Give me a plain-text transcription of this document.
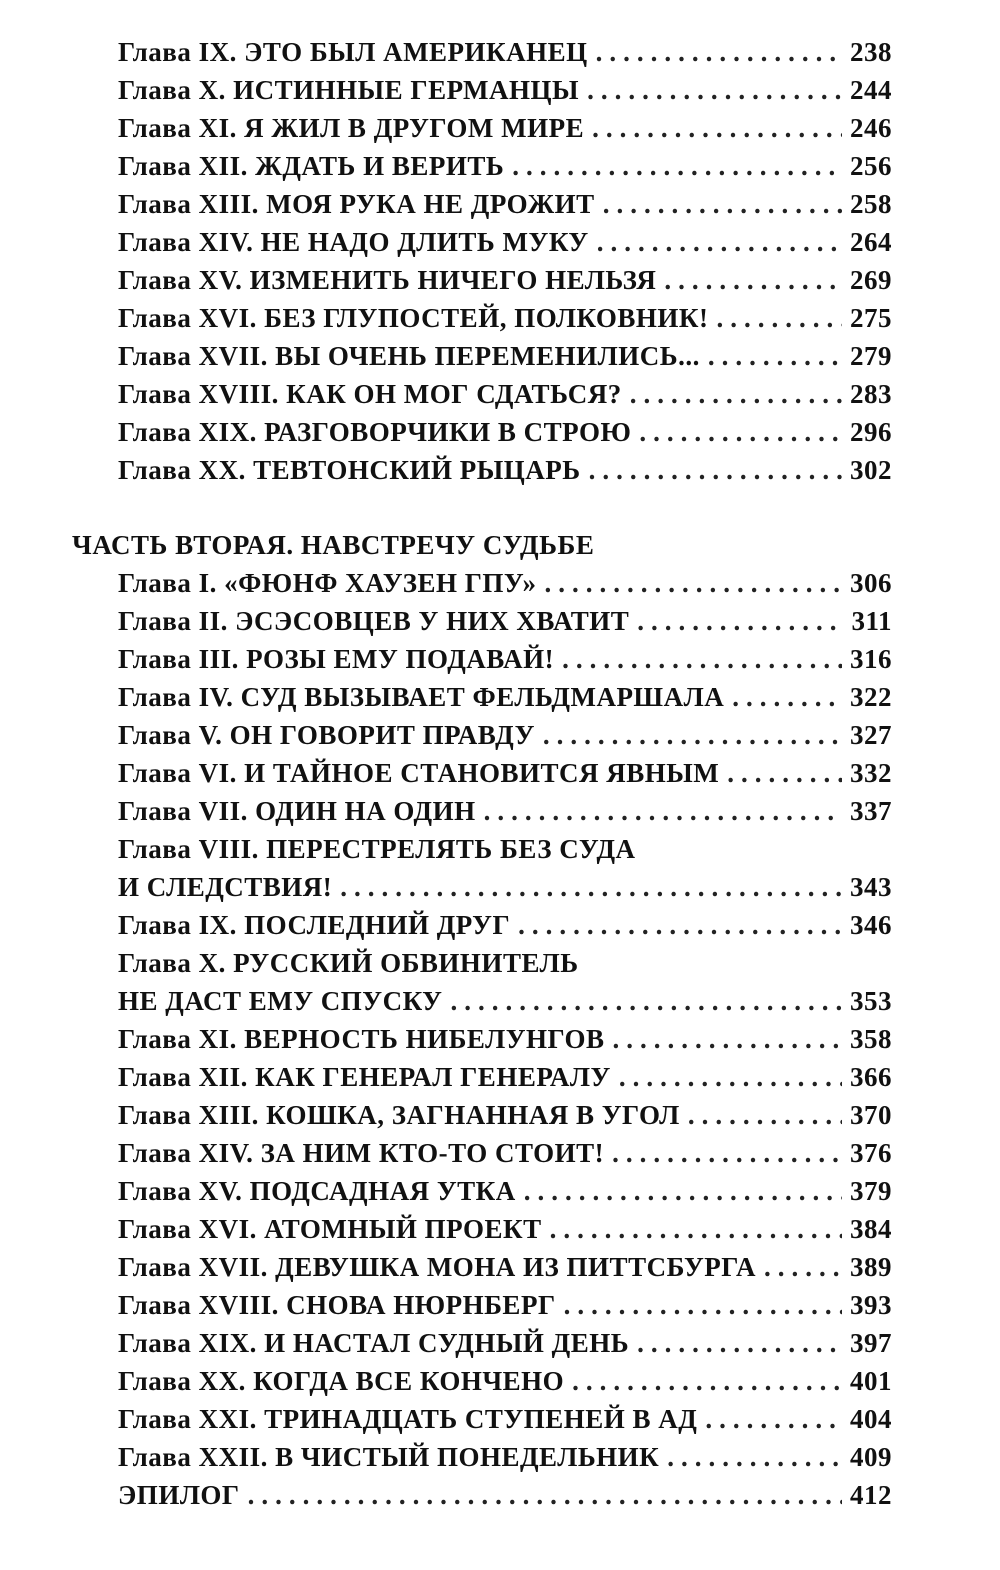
Глава IX. ЭТО БЫЛ АМЕРИКАНЕЦ .....	238
Глава X. ИСТИННЫЕ ГЕРМАНЦЫ .....	244
Глава XI. Я ЖИЛ В ДРУГОМ МИРЕ .....	246
Глава XII. ЖДАТЬ И ВЕРИТЬ .....	256
Глава XIII. МОЯ РУКА НЕ ДРОЖИТ .....	258
Глава XIV. НЕ НАДО ДЛИТЬ МУКУ .....	264
Глава XV. ИЗМЕНИТЬ НИЧЕГО НЕЛЬЗЯ .....	269
Глава XVI. БЕЗ ГЛУПОСТЕЙ, ПОЛКОВНИК! .....	275
Глава XVII. ВЫ ОЧЕНЬ ПЕРЕМЕНИЛИСЬ... .....	279
Глава XVIII. КАК ОН МОГ СДАТЬСЯ? .....	283
Глава XIX. РАЗГОВОРЧИКИ В СТРОЮ .....	296
Глава XX. ТЕВТОНСКИЙ РЫЦАРЬ .....	302
ЧАСТЬ ВТОРАЯ. НАВСТРЕЧУ СУДЬБЕ
Глава I. «ФЮНФ ХАУЗЕН ГПУ» .....	306
Глава II. ЭСЭСОВЦЕВ У НИХ ХВАТИТ .....	311
Глава III. РОЗЫ ЕМУ ПОДАВАЙ! .....	316
Глава IV. СУД ВЫЗЫВАЕТ ФЕЛЬДМАРШАЛА .....	322
Глава V. ОН ГОВОРИТ ПРАВДУ .....	327
Глава VI. И ТАЙНОЕ СТАНОВИТСЯ ЯВНЫМ .....	332
Глава VII. ОДИН НА ОДИН .....	337
Глава VIII. ПЕРЕСТРЕЛЯТЬ БЕЗ СУДА
И СЛЕДСТВИЯ! .....	343
Глава IX. ПОСЛЕДНИЙ ДРУГ .....	346
Глава X. РУССКИЙ ОБВИНИТЕЛЬ
НЕ ДАСТ ЕМУ СПУСКУ .....	353
Глава XI. ВЕРНОСТЬ НИБЕЛУНГОВ .....	358
Глава XII. КАК ГЕНЕРАЛ ГЕНЕРАЛУ .....	366
Глава XIII. КОШКА, ЗАГНАННАЯ В УГОЛ .....	370
Глава XIV. ЗА НИМ КТО-ТО СТОИТ! .....	376
Глава XV. ПОДСАДНАЯ УТКА .....	379
Глава XVI. АТОМНЫЙ ПРОЕКТ .....	384
Глава XVII. ДЕВУШКА МОНА ИЗ ПИТТСБУРГА .....	389
Глава XVIII. СНОВА НЮРНБЕРГ .....	393
Глава XIX. И НАСТАЛ СУДНЫЙ ДЕНЬ .....	397
Глава XX. КОГДА ВСЕ КОНЧЕНО .....	401
Глава XXI. ТРИНАДЦАТЬ СТУПЕНЕЙ В АД .....	404
Глава XXII. В ЧИСТЫЙ ПОНЕДЕЛЬНИК .....	409
ЭПИЛОГ .....	412
